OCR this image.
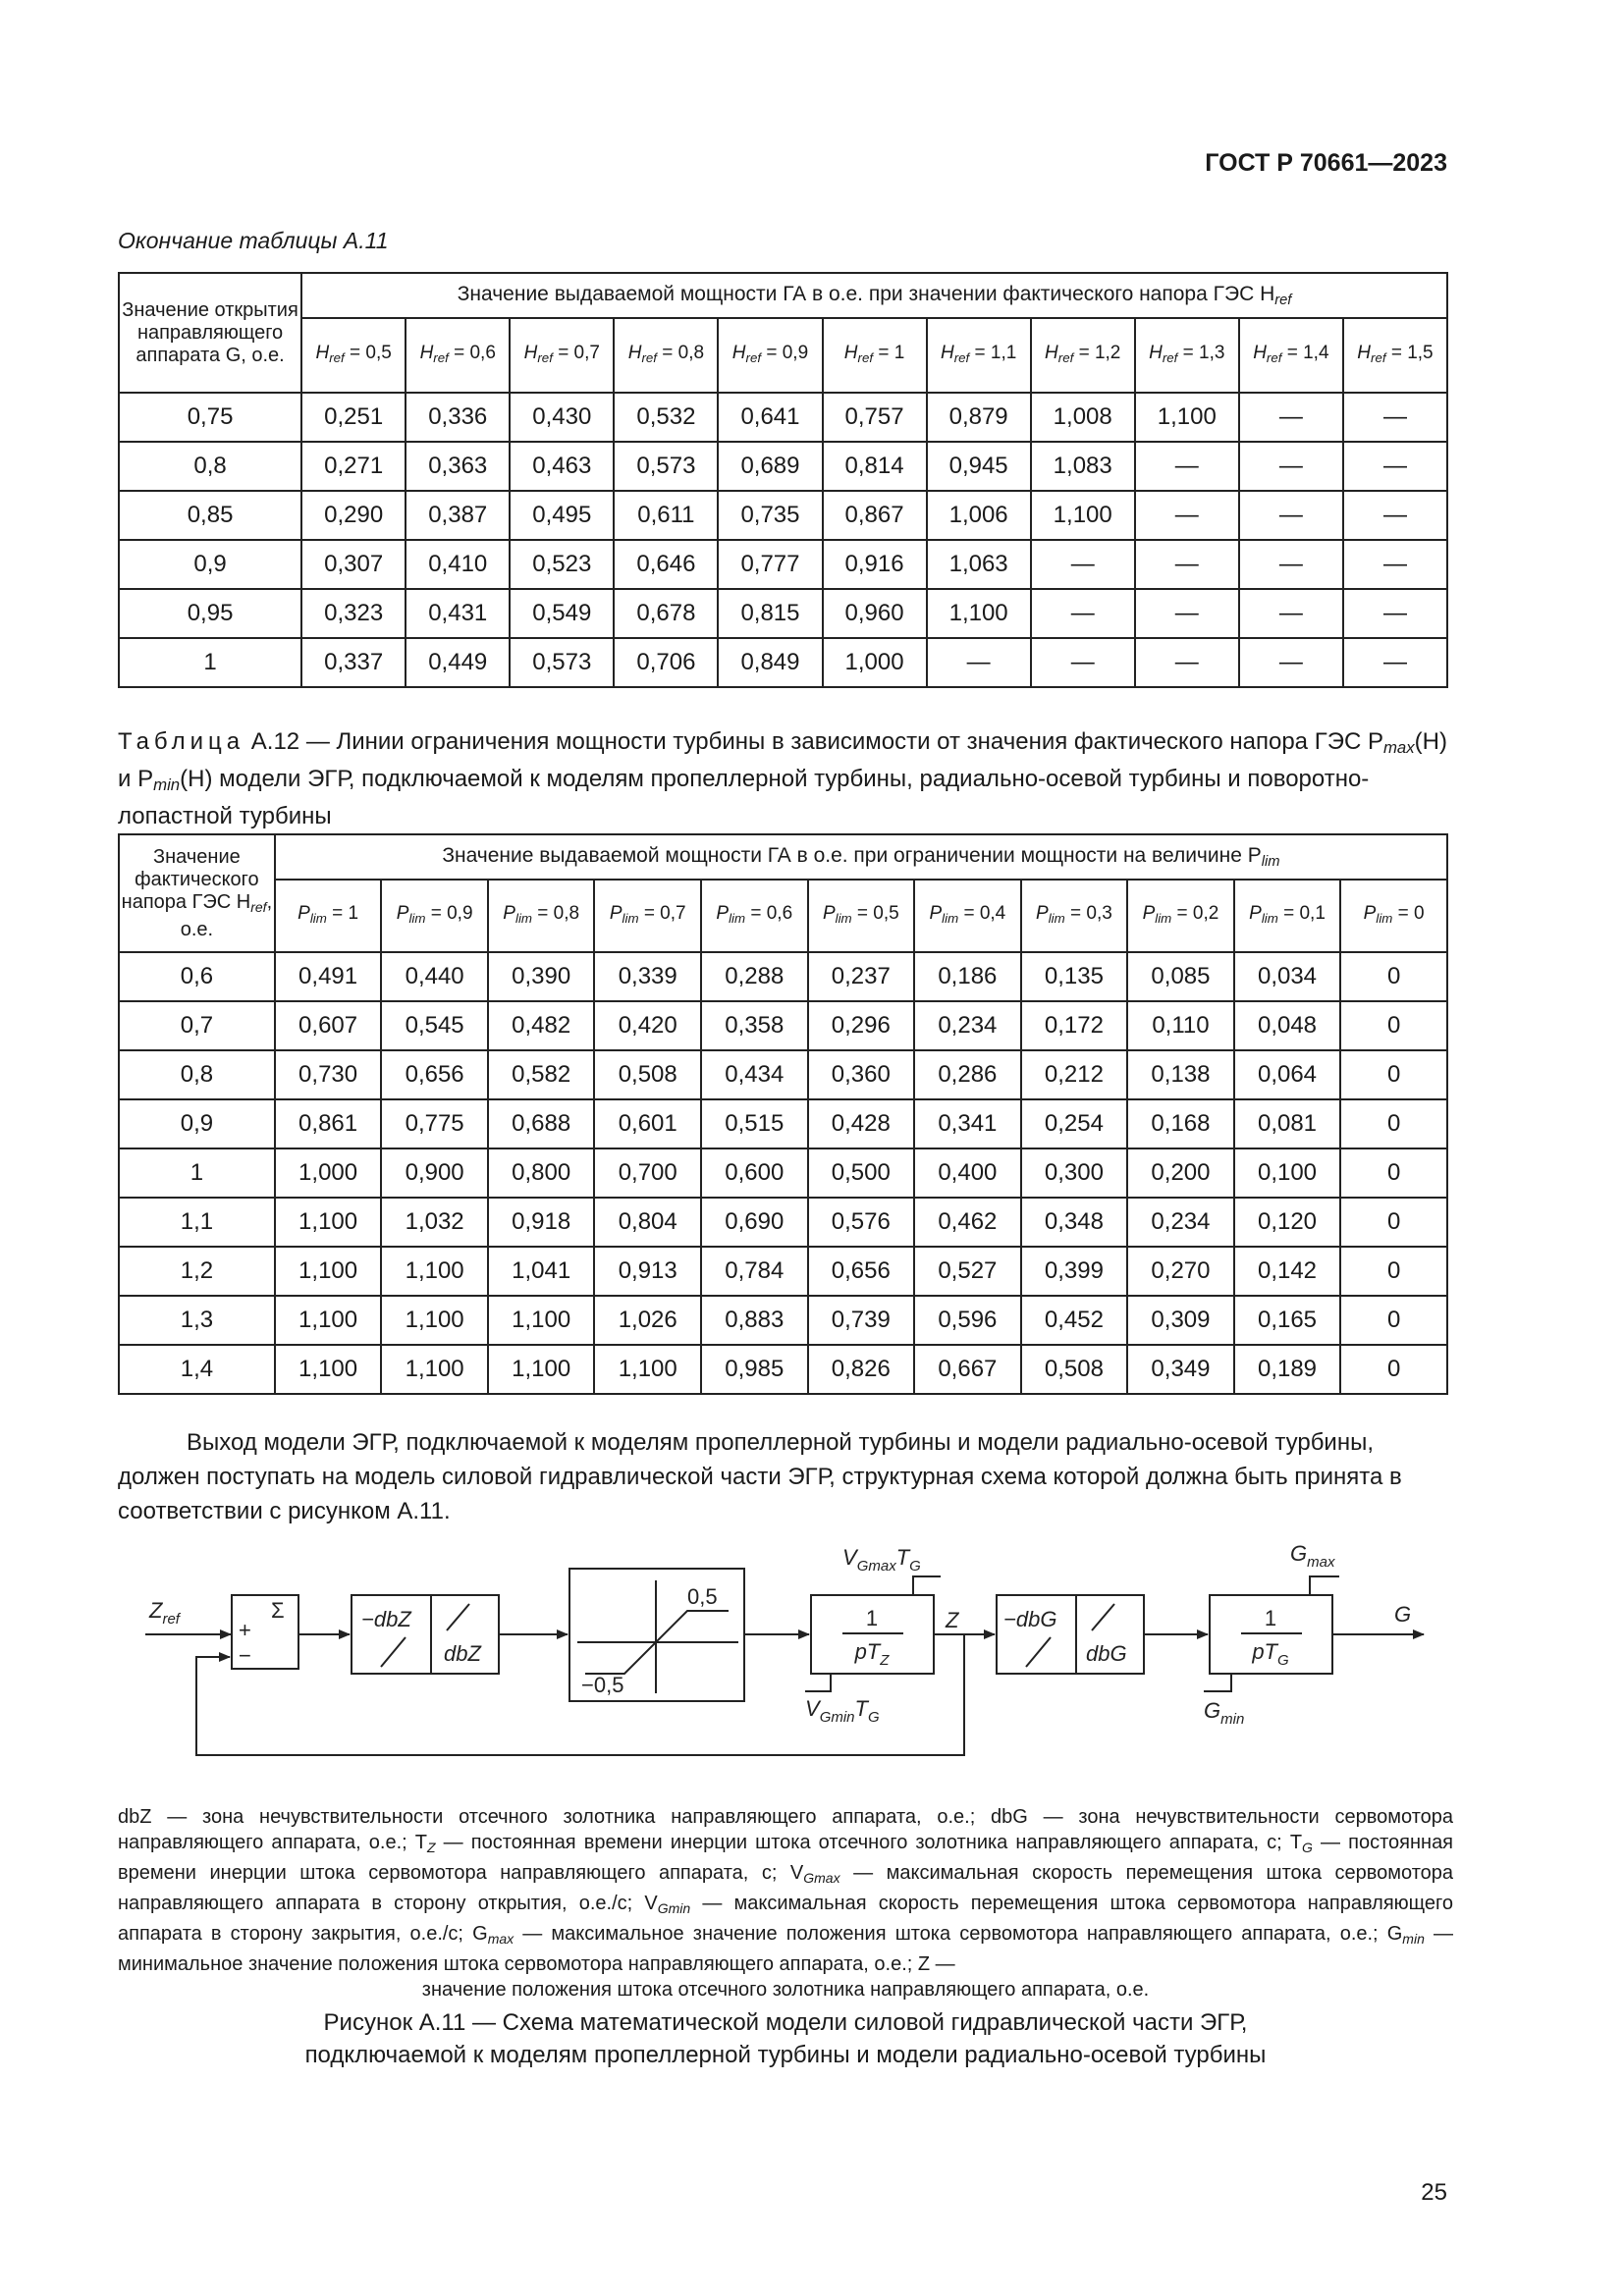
ГОСТ Р 70661—2023
Окончание таблицы А.11
Значение открытия направляющего аппарата G, о.е.	Значение выдаваемой мощности ГА в о.е. при значении фактического напора ГЭС $H_{ref}$
	$H_{ref} = 0,5$	$H_{ref} = 0,6$	$H_{ref} = 0,7$	$H_{ref} = 0,8$	$H_{ref} = 0,9$	$H_{ref} = 1$	$H_{ref} = 1,1$	$H_{ref} = 1,2$	$H_{ref} = 1,3$	$H_{ref} = 1,4$	$H_{ref} = 1,5$
0,75	0,251	0,336	0,430	0,532	0,641	0,757	0,879	1,008	1,100	—	—
0,8	0,271	0,363	0,463	0,573	0,689	0,814	0,945	1,083	—	—	—
0,85	0,290	0,387	0,495	0,611	0,735	0,867	1,006	1,100	—	—	—
0,9	0,307	0,410	0,523	0,646	0,777	0,916	1,063	—	—	—	—
0,95	0,323	0,431	0,549	0,678	0,815	0,960	1,100	—	—	—	—
1	0,337	0,449	0,573	0,706	0,849	1,000	—	—	—	—	—
Таблица А.12 — Линии ограничения мощности турбины в зависимости от значения фактического напора ГЭС $P_{max}(H)$ и $P_{min}(H)$ модели ЭГР, подключаемой к моделям пропеллерной турбины, радиально-осевой турбины и поворотно-лопастной турбины
Значение фактического напора ГЭС $H_{ref}$, о.е.	Значение выдаваемой мощности ГА в о.е. при ограничении мощности на величине $P_{lim}$
	$P_{lim} = 1$	$P_{lim} = 0,9$	$P_{lim} = 0,8$	$P_{lim} = 0,7$	$P_{lim} = 0,6$	$P_{lim} = 0,5$	$P_{lim} = 0,4$	$P_{lim} = 0,3$	$P_{lim} = 0,2$	$P_{lim} = 0,1$	$P_{lim} = 0$
0,6	0,491	0,440	0,390	0,339	0,288	0,237	0,186	0,135	0,085	0,034	0
0,7	0,607	0,545	0,482	0,420	0,358	0,296	0,234	0,172	0,110	0,048	0
0,8	0,730	0,656	0,582	0,508	0,434	0,360	0,286	0,212	0,138	0,064	0
0,9	0,861	0,775	0,688	0,601	0,515	0,428	0,341	0,254	0,168	0,081	0
1	1,000	0,900	0,800	0,700	0,600	0,500	0,400	0,300	0,200	0,100	0
1,1	1,100	1,032	0,918	0,804	0,690	0,576	0,462	0,348	0,234	0,120	0
1,2	1,100	1,100	1,041	0,913	0,784	0,656	0,527	0,399	0,270	0,142	0
1,3	1,100	1,100	1,100	1,026	0,883	0,739	0,596	0,452	0,309	0,165	0
1,4	1,100	1,100	1,100	1,100	0,985	0,826	0,667	0,508	0,349	0,189	0
Выход модели ЭГР, подключаемой к моделям пропеллерной турбины и модели радиально-осевой турбины, должен поступать на модель силовой гидравлической части ЭГР, структурная схема которой должна быть принята в соответствии с рисунком А.11.
$Z_{ref}$	Σ
+
−
−dbZ
dbZ
0,5
−0,5
1
$pT_Z$
$V_{Gmax}T_G$
$V_{Gmin}T_G$
Z −dbG
dbG
1
$pT_G$
$G_{max}$
$G_{min}$
G
dbZ — зона нечувствительности отсечного золотника направляющего аппарата, о.е.; dbG — зона нечувствительности сервомотора направляющего аппарата, о.е.; $T_Z$ — постоянная времени инерции штока отсечного золотника направляющего аппарата, с; $T_G$ — постоянная времени инерции штока сервомотора направляющего аппарата, с; $V_{Gmax}$ — максимальная скорость перемещения штока сервомотора направляющего аппарата в сторону открытия, о.е./с; $V_{Gmin}$ — максимальная скорость перемещения штока сервомотора направляющего аппарата в сторону закрытия, о.е./с; $G_{max}$ — максимальное значение положения штока сервомотора направляющего аппарата, о.е.; $G_{min}$ — минимальное значение положения штока сервомотора направляющего аппарата, о.е.; Z —
значение положения штока отсечного золотника направляющего аппарата, о.е.
Рисунок А.11 — Схема математической модели силовой гидравлической части ЭГР,
подключаемой к моделям пропеллерной турбины и модели радиально-осевой турбины
25
